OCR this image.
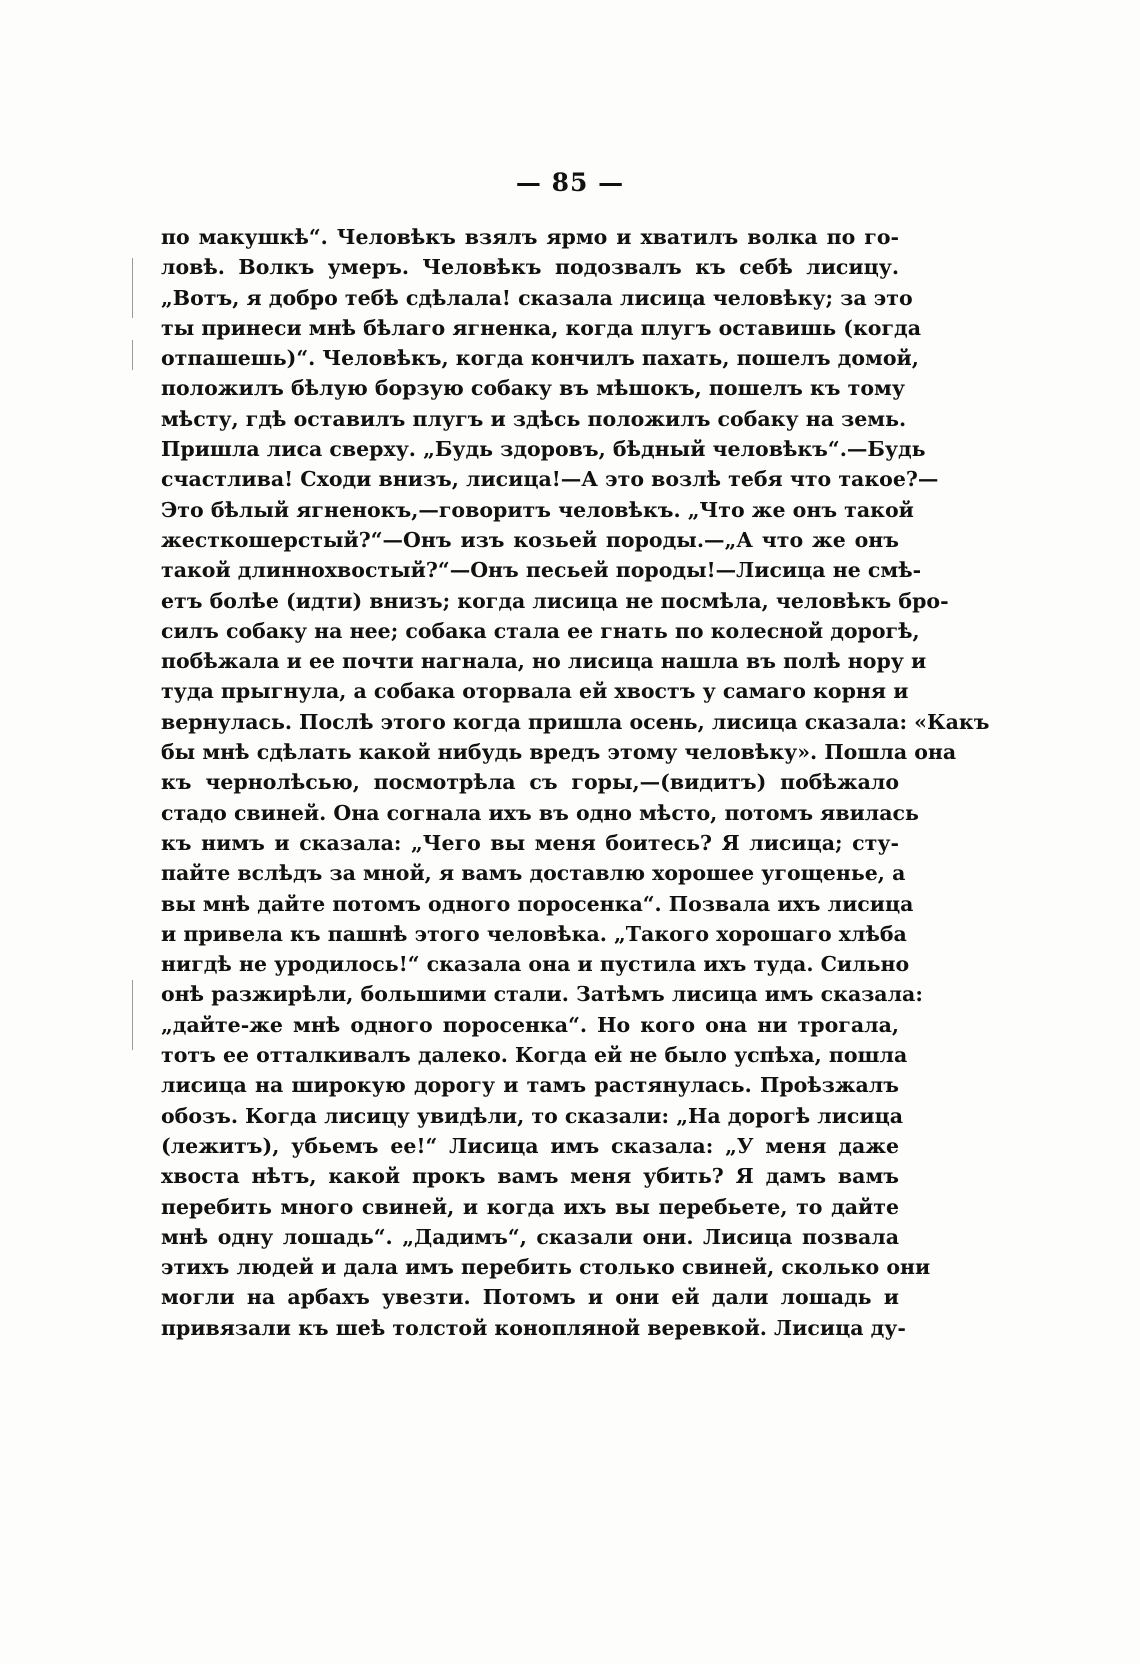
— 85 —
по макушкѣ“. Человѣкъ взялъ ярмо и хватилъ волка по го-
ловѣ. Волкъ умеръ. Человѣкъ подозвалъ къ себѣ лисицу.
„Вотъ, я добро тебѣ сдѣлала! сказала лисица человѣку; за это
ты принеси мнѣ бѣлаго ягненка, когда плугъ оставишь (когда
отпашешь)“. Человѣкъ, когда кончилъ пахать, пошелъ домой,
положилъ бѣлую борзую собаку въ мѣшокъ, пошелъ къ тому
мѣсту, гдѣ оставилъ плугъ и здѣсь положилъ собаку на земь.
Пришла лиса сверху. „Будь здоровъ, бѣдный человѣкъ“.—Будь
счастлива! Сходи внизъ, лисица!—А это возлѣ тебя что такое?—
Это бѣлый ягненокъ,—говоритъ человѣкъ. „Что же онъ такой
жесткошерстый?“—Онъ изъ козьей породы.—„А что же онъ
такой длиннохвостый?“—Онъ песьей породы!—Лисица не смѣ-
етъ болѣе (идти) внизъ; когда лисица не посмѣла, человѣкъ бро-
силъ собаку на нее; собака стала ее гнать по колесной дорогѣ,
побѣжала и ее почти нагнала, но лисица нашла въ полѣ нору и
туда прыгнула, а собака оторвала ей хвостъ у самаго корня и
вернулась. Послѣ этого когда пришла осень, лисица сказала: «Какъ
бы мнѣ сдѣлать какой нибудь вредъ этому человѣку». Пошла она
къ чернолѣсью, посмотрѣла съ горы,—(видитъ) побѣжало
стадо свиней. Она согнала ихъ въ одно мѣсто, потомъ явилась
къ нимъ и сказала: „Чего вы меня боитесь? Я лисица; сту-
пайте вслѣдъ за мной, я вамъ доставлю хорошее угощенье, а
вы мнѣ дайте потомъ одного поросенка“. Позвала ихъ лисица
и привела къ пашнѣ этого человѣка. „Такого хорошаго хлѣба
нигдѣ не уродилось!“ сказала она и пустила ихъ туда. Сильно
онѣ разжирѣли, большими стали. Затѣмъ лисица имъ сказала:
„дайте-же мнѣ одного поросенка“. Но кого она ни трогала,
тотъ ее отталкивалъ далеко. Когда ей не было успѣха, пошла
лисица на широкую дорогу и тамъ растянулась. Проѣзжалъ
обозъ. Когда лисицу увидѣли, то сказали: „На дорогѣ лисица
(лежитъ), убьемъ ее!“ Лисица имъ сказала: „У меня даже
хвоста нѣтъ, какой прокъ вамъ меня убить? Я дамъ вамъ
перебить много свиней, и когда ихъ вы перебьете, то дайте
мнѣ одну лошадь“. „Дадимъ“, сказали они. Лисица позвала
этихъ людей и дала имъ перебить столько свиней, сколько они
могли на арбахъ увезти. Потомъ и они ей дали лошадь и
привязали къ шеѣ толстой конопляной веревкой. Лисица ду-
